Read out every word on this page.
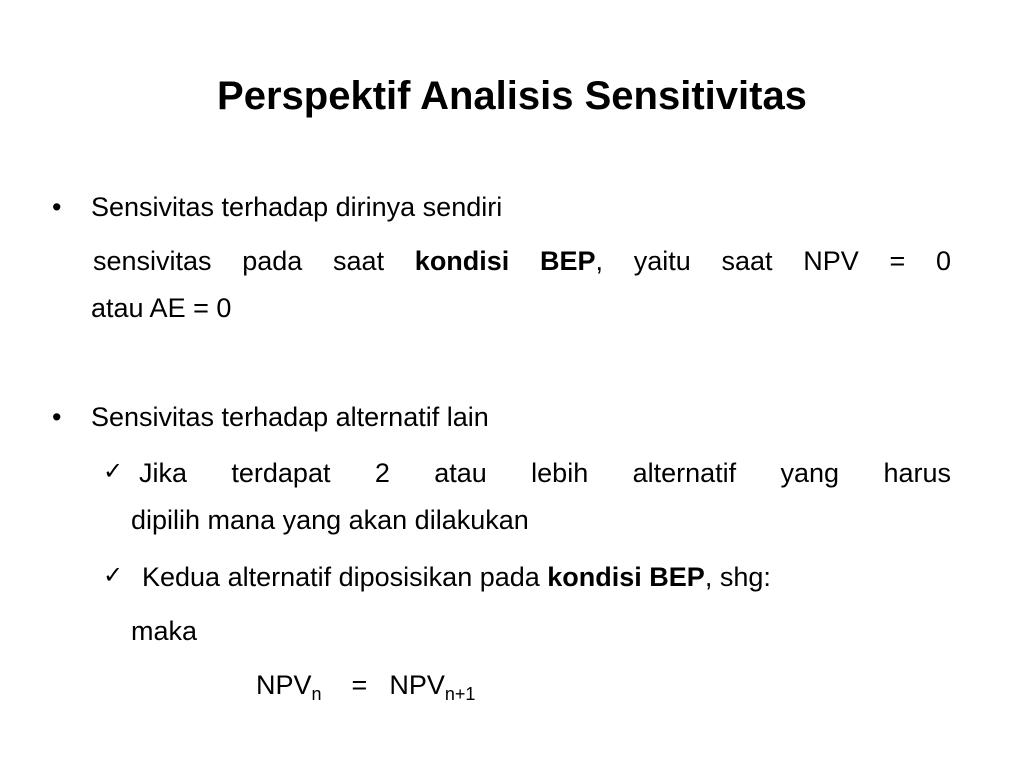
Perspektif Analisis Sensitivitas
• Sensivitas terhadap dirinya sendiri
sensivitas pada saat kondisi BEP, yaitu saat NPV = 0
atau AE = 0
• Sensivitas terhadap alternatif lain
✓ Jika terdapat 2 atau lebih alternatif yang harus
dipilih mana yang akan dilakukan
✓ Kedua alternatif diposisikan pada kondisi BEP, shg:
maka
$NPV_n = NPV_{n+1}$
